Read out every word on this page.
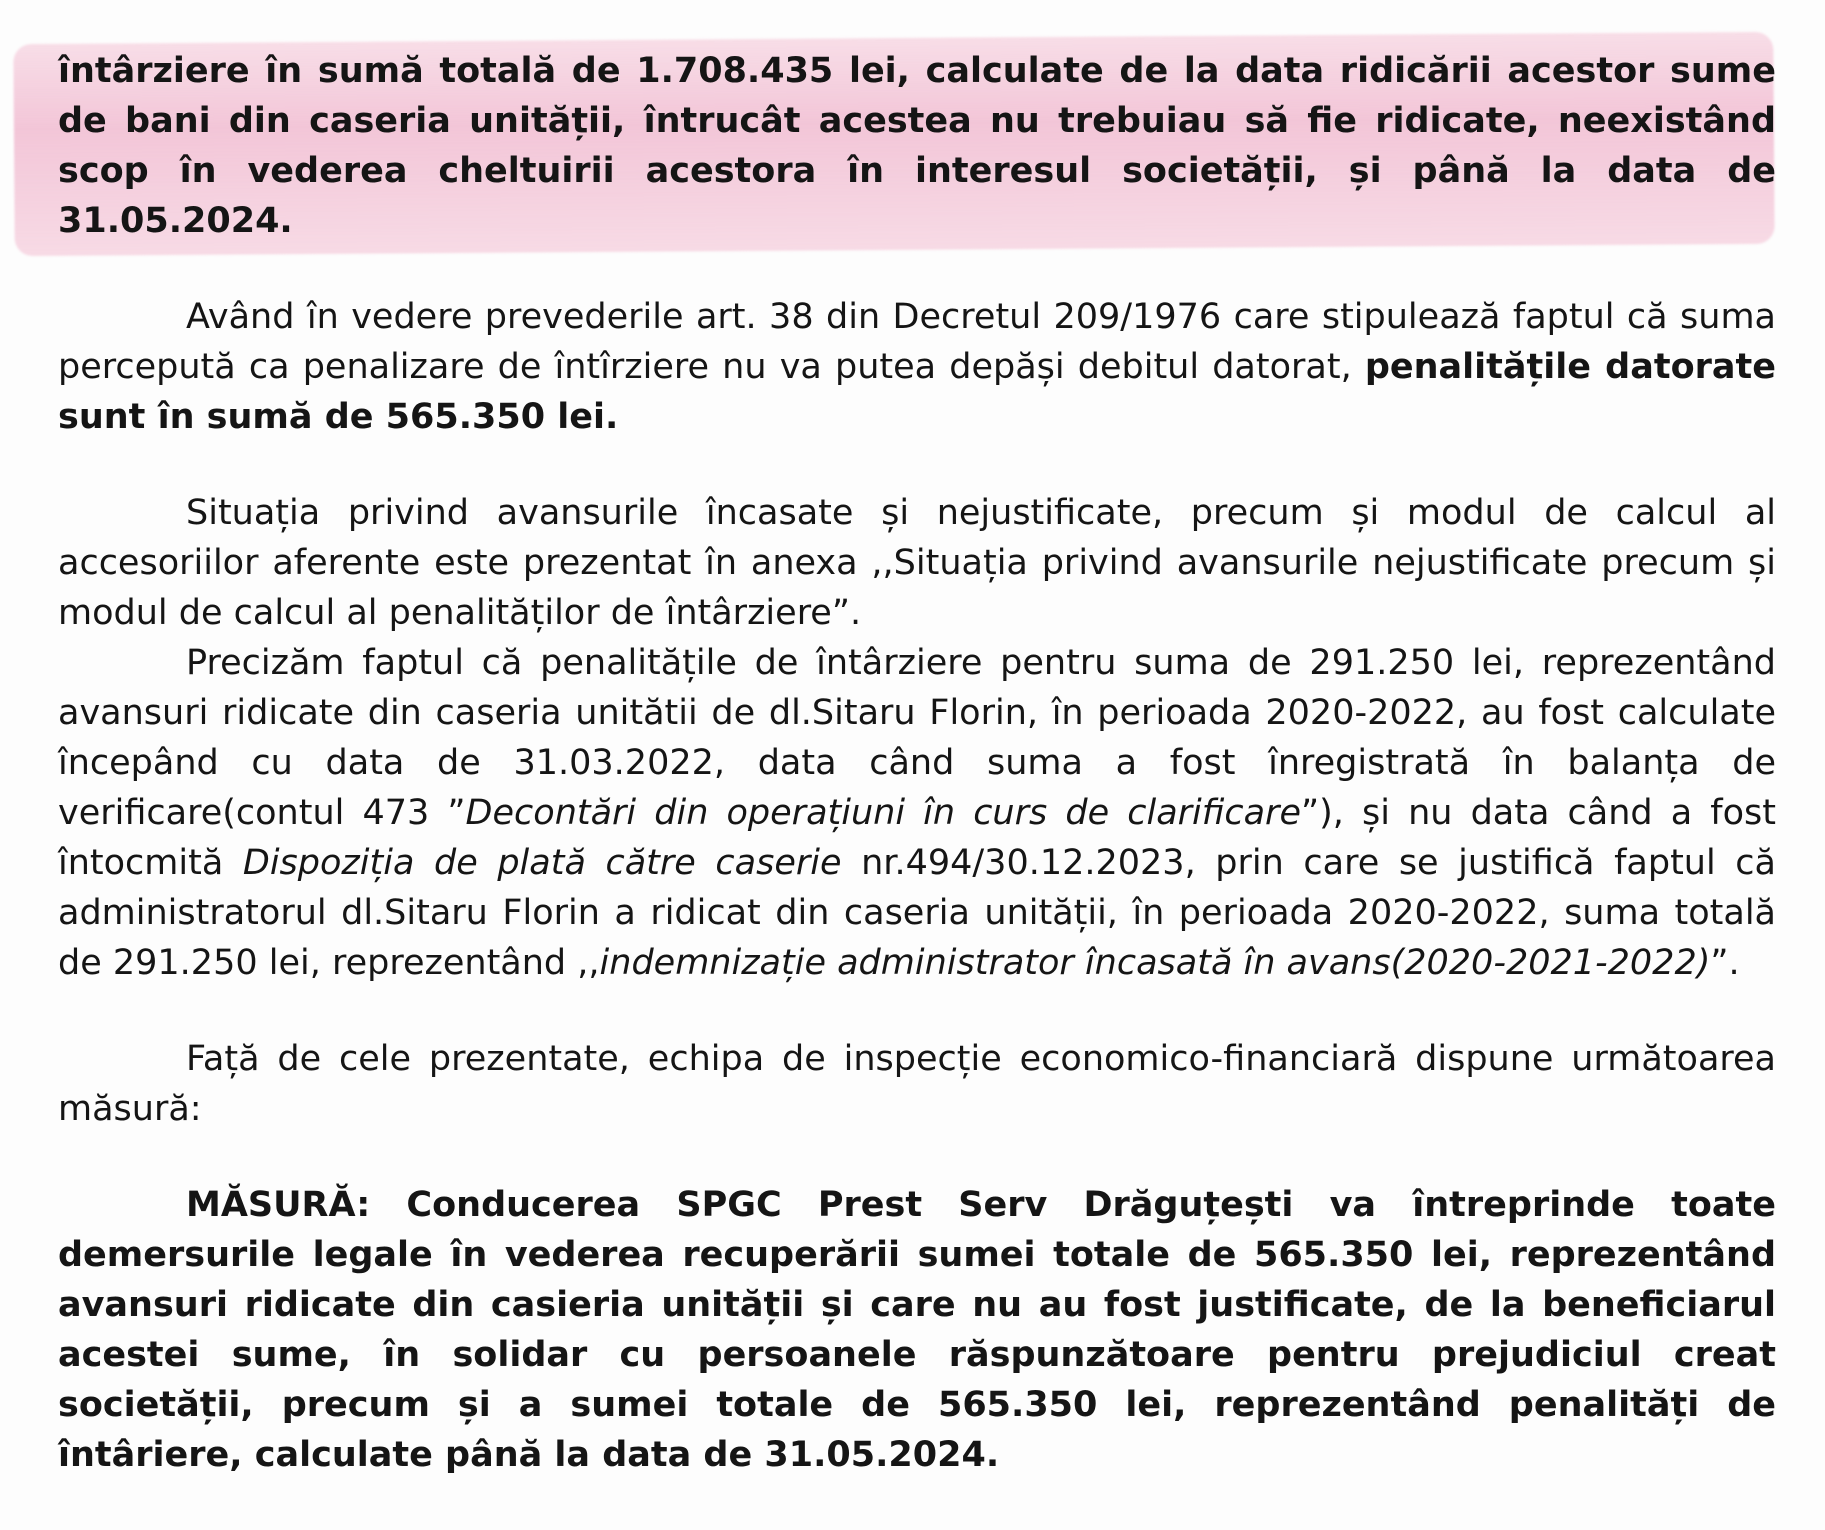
întârziere în sumă totală de 1.708.435 lei, calculate de la data ridicării acestor sume de bani din caseria unității, întrucât acestea nu trebuiau să fie ridicate, neexistând scop în vederea cheltuirii acestora în interesul societății, și până la data de 31.05.2024.

Având în vedere prevederile art. 38 din Decretul 209/1976 care stipulează faptul că suma percepută ca penalizare de întîrziere nu va putea depăși debitul datorat, penalitățile datorate sunt în sumă de 565.350 lei.

Situația privind avansurile încasate și nejustificate, precum și modul de calcul al accesoriilor aferente este prezentat în anexa ,,Situația privind avansurile nejustificate precum și modul de calcul al penalităților de întârziere”.

Precizăm faptul că penalitățile de întârziere pentru suma de 291.250 lei, reprezentând avansuri ridicate din caseria unitătii de dl.Sitaru Florin, în perioada 2020-2022, au fost calculate începând cu data de 31.03.2022, data când suma a fost înregistrată în balanța de verificare(contul 473 ”Decontări din operațiuni în curs de clarificare”), și nu data când a fost întocmită Dispoziția de plată către caserie nr.494/30.12.2023, prin care se justifică faptul că administratorul dl.Sitaru Florin a ridicat din caseria unității, în perioada 2020-2022, suma totală de 291.250 lei, reprezentând ,,indemnizație administrator încasată în avans(2020-2021-2022)”.

Față de cele prezentate, echipa de inspecție economico-financiară dispune următoarea măsură:

MĂSURĂ: Conducerea SPGC Prest Serv Drăguțești va întreprinde toate demersurile legale în vederea recuperării sumei totale de 565.350 lei, reprezentând avansuri ridicate din casieria unității și care nu au fost justificate, de la beneficiarul acestei sume, în solidar cu persoanele răspunzătoare pentru prejudiciul creat societății, precum și a sumei totale de 565.350 lei, reprezentând penalități de întâriere, calculate până la data de 31.05.2024.
